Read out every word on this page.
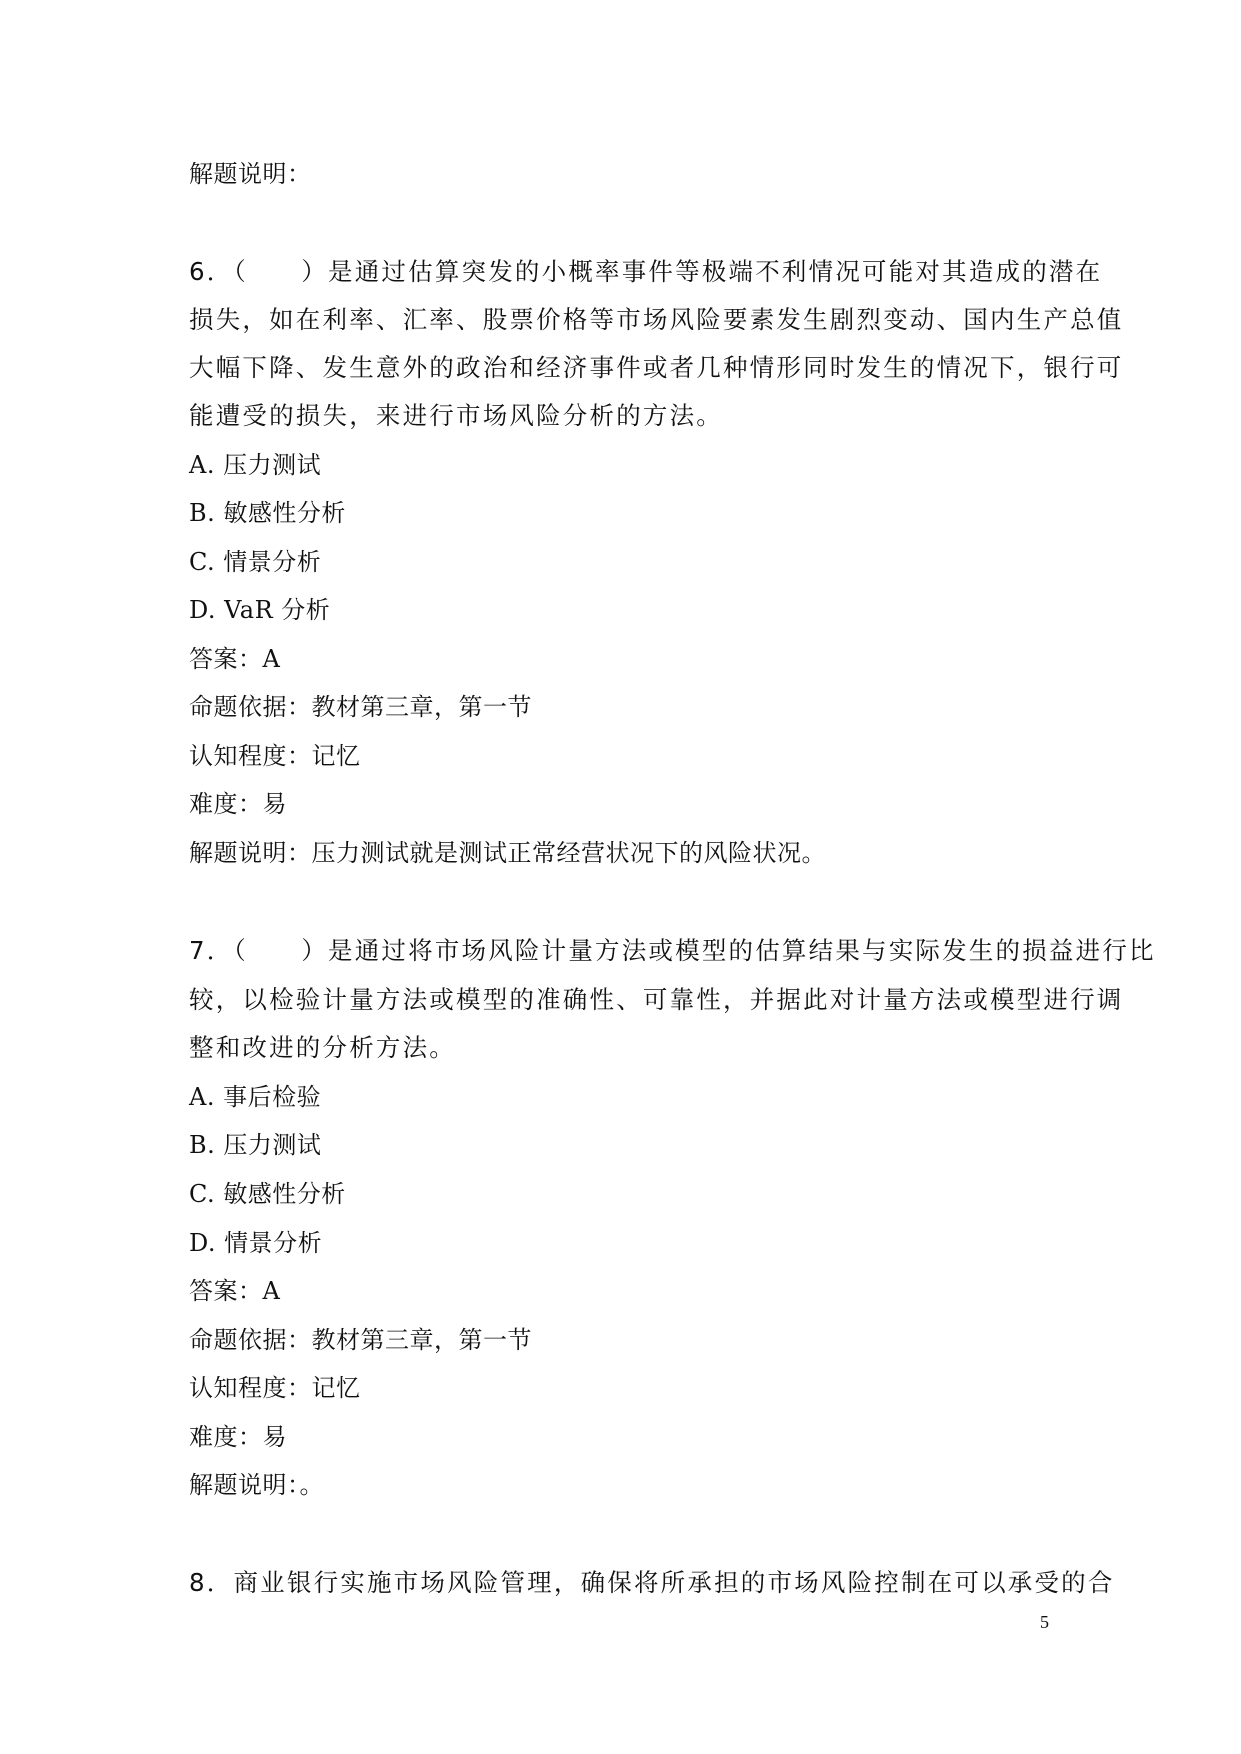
解题说明：
6．（　　）是通过估算突发的小概率事件等极端不利情况可能对其造成的潜在
损失，如在利率、汇率、股票价格等市场风险要素发生剧烈变动、国内生产总值
大幅下降、发生意外的政治和经济事件或者几种情形同时发生的情况下，银行可
能遭受的损失，来进行市场风险分析的方法。
A. 压力测试
B. 敏感性分析
C. 情景分析
D. VaR 分析
答案：A
命题依据：教材第三章，第一节
认知程度：记忆
难度：易
解题说明：压力测试就是测试正常经营状况下的风险状况。
7．（　　）是通过将市场风险计量方法或模型的估算结果与实际发生的损益进行比
较，以检验计量方法或模型的准确性、可靠性，并据此对计量方法或模型进行调
整和改进的分析方法。
A. 事后检验
B. 压力测试
C. 敏感性分析
D. 情景分析
答案：A
命题依据：教材第三章，第一节
认知程度：记忆
难度：易
解题说明：。
8．商业银行实施市场风险管理，确保将所承担的市场风险控制在可以承受的合
5
